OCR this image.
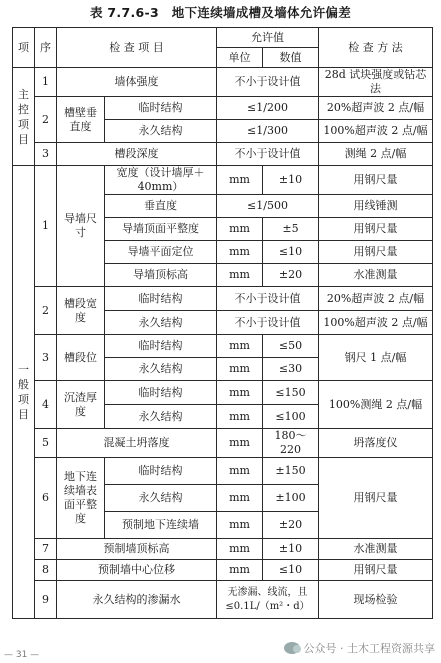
表 7.7.6-3　地下连续墙成槽及墙体允许偏差
项	序	检 查 项 目		允许值		检 查 方 法
				单位	数值	
主控项目	1	墙体强度		不小于设计值		28d 试块强度或钻芯法
	2	槽壁垂直度	临时结构	≤1/200		20%超声波 2 点/幅
			永久结构	≤1/300		100%超声波 2 点/幅
	3	槽段深度		不小于设计值		测绳 2 点/幅
一般项目	1	导墙尺寸	宽度（设计墙厚＋40mm）	mm	±10	用钢尺量
			垂直度	≤1/500		用线锤测
			导墙顶面平整度	mm	±5	用钢尺量
			导墙平面定位	mm	≤10	用钢尺量
			导墙顶标高	mm	±20	水准测量
	2	槽段宽度	临时结构	不小于设计值		20%超声波 2 点/幅
			永久结构	不小于设计值		100%超声波 2 点/幅
	3	槽段位	临时结构	mm	≤50	钢尺 1 点/幅
			永久结构	mm	≤30	
	4	沉渣厚度	临时结构	mm	≤150	100%测绳 2 点/幅
			永久结构	mm	≤100	
	5	混凝土坍落度		mm	180～220	坍落度仪
	6	地下连续墙表面平整度	临时结构	mm	±150	用钢尺量
			永久结构	mm	±100	
			预制地下连续墙	mm	±20	
	7	预制墙顶标高		mm	±10	水准测量
	8	预制墙中心位移		mm	≤10	用钢尺量
	9	永久结构的渗漏水		无渗漏、线流，且≤0.1L/（m²・d）		现场检验
公众号 · 土木工程资源共享
— 31 —
